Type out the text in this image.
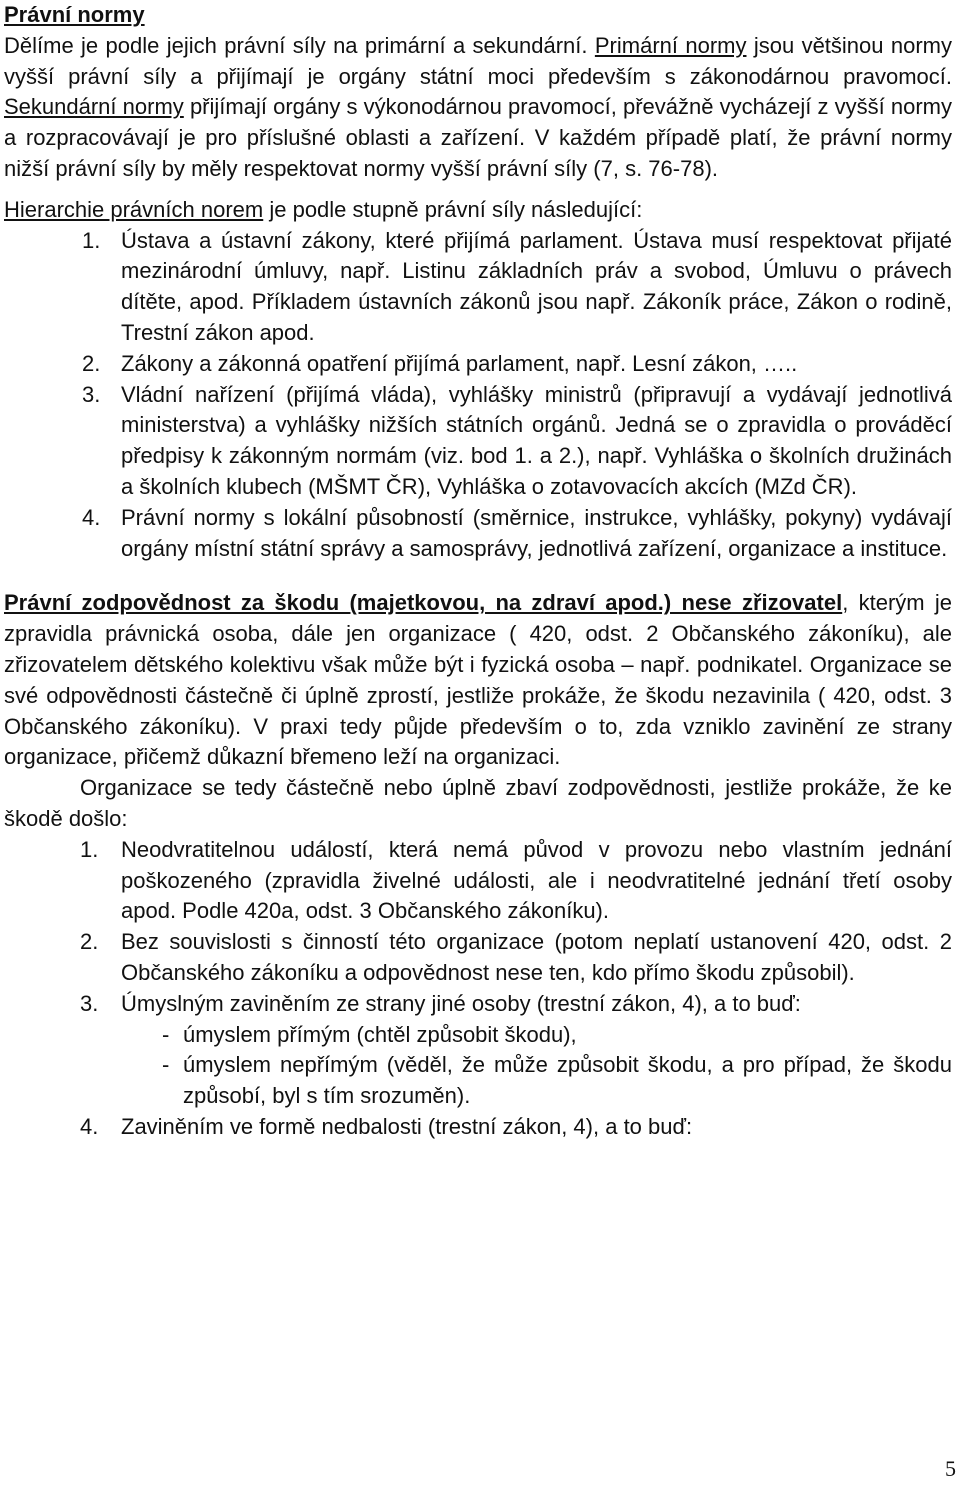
Právní normy

Dělíme je podle jejich právní síly na primární a sekundární. Primární normy jsou většinou normy vyšší právní síly a přijímají je orgány státní moci především s zákonodárnou pravomocí. Sekundární normy přijímají orgány s výkonodárnou pravomocí, převážně vycházejí z vyšší normy a rozpracovávají je pro příslušné oblasti a zařízení. V každém případě platí, že právní normy nižší právní síly by měly respektovat normy vyšší právní síly (7, s. 76-78).

Hierarchie právních norem je podle stupně právní síly následující:

1. Ústava a ústavní zákony, které přijímá parlament. Ústava musí respektovat přijaté mezinárodní úmluvy, např. Listinu základních práv a svobod, Úmluvu o právech dítěte, apod. Příkladem ústavních zákonů jsou např. Zákoník práce, Zákon o rodině, Trestní zákon apod.
2. Zákony a zákonná opatření přijímá parlament, např. Lesní zákon, …..
3. Vládní nařízení (přijímá vláda), vyhlášky ministrů (připravují a vydávají jednotlivá ministerstva) a vyhlášky nižších státních orgánů. Jedná se o zpravidla o prováděcí předpisy k zákonným normám (viz. bod 1. a 2.), např. Vyhláška o školních družinách a školních klubech (MŠMT ČR), Vyhláška o zotavovacích akcích (MZd ČR).
4. Právní normy s lokální působností (směrnice, instrukce, vyhlášky, pokyny) vydávají orgány místní státní správy a samosprávy, jednotlivá zařízení, organizace a instituce.

Právní zodpovědnost za škodu (majetkovou, na zdraví apod.) nese zřizovatel, kterým je zpravidla právnická osoba, dále jen organizace ( 420, odst. 2 Občanského zákoníku), ale zřizovatelem dětského kolektivu však může být i fyzická osoba – např. podnikatel. Organizace se své odpovědnosti částečně či úplně zprostí, jestliže prokáže, že škodu nezavinila ( 420, odst. 3 Občanského zákoníku). V praxi tedy půjde především o to, zda vzniklo zavinění ze strany organizace, přičemž důkazní břemeno leží na organizaci.

Organizace se tedy částečně nebo úplně zbaví zodpovědnosti, jestliže prokáže, že ke škodě došlo:

1. Neodvratitelnou událostí, která nemá původ v provozu nebo vlastním jednání poškozeného (zpravidla živelné události, ale i neodvratitelné jednání třetí osoby apod. Podle 420a, odst. 3 Občanského zákoníku).
2. Bez souvislosti s činností této organizace (potom neplatí ustanovení 420, odst. 2 Občanského zákoníku a odpovědnost nese ten, kdo přímo škodu způsobil).
3. Úmyslným zaviněním ze strany jiné osoby (trestní zákon, 4), a to buď:
- úmyslem přímým (chtěl způsobit škodu),
- úmyslem nepřímým (věděl, že může způsobit škodu, a pro případ, že škodu způsobí, byl s tím srozuměn).
4. Zaviněním ve formě nedbalosti (trestní zákon, 4), a to buď:
5
